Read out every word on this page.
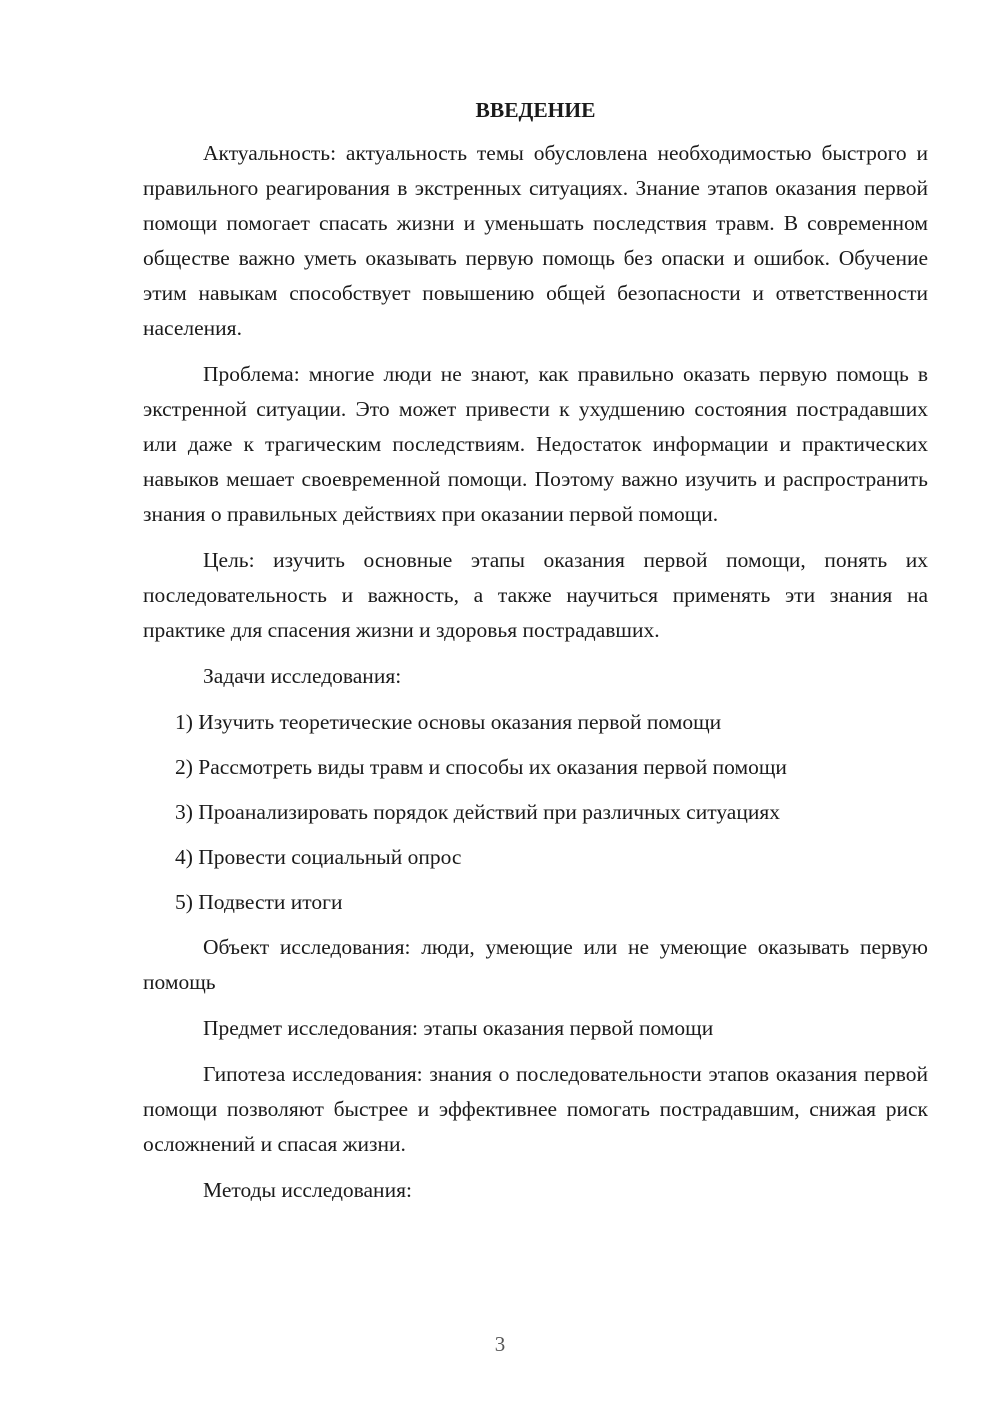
ВВЕДЕНИЕ

Актуальность: актуальность темы обусловлена необходимостью быстрого и правильного реагирования в экстренных ситуациях. Знание этапов оказания первой помощи помогает спасать жизни и уменьшать последствия травм. В современном обществе важно уметь оказывать первую помощь без опаски и ошибок. Обучение этим навыкам способствует повышению общей безопасности и ответственности населения.

Проблема: многие люди не знают, как правильно оказать первую помощь в экстренной ситуации. Это может привести к ухудшению состояния пострадавших или даже к трагическим последствиям. Недостаток информации и практических навыков мешает своевременной помощи. Поэтому важно изучить и распространить знания о правильных действиях при оказании первой помощи.

Цель: изучить основные этапы оказания первой помощи, понять их последовательность и важность, а также научиться применять эти знания на практике для спасения жизни и здоровья пострадавших.

Задачи исследования:

1) Изучить теоретические основы оказания первой помощи
2) Рассмотреть виды травм и способы их оказания первой помощи
3) Проанализировать порядок действий при различных ситуациях
4) Провести социальный опрос
5) Подвести итоги

Объект исследования: люди, умеющие или не умеющие оказывать первую помощь

Предмет исследования: этапы оказания первой помощи

Гипотеза исследования: знания о последовательности этапов оказания первой помощи позволяют быстрее и эффективнее помогать пострадавшим, снижая риск осложнений и спасая жизни.

Методы исследования:

3
